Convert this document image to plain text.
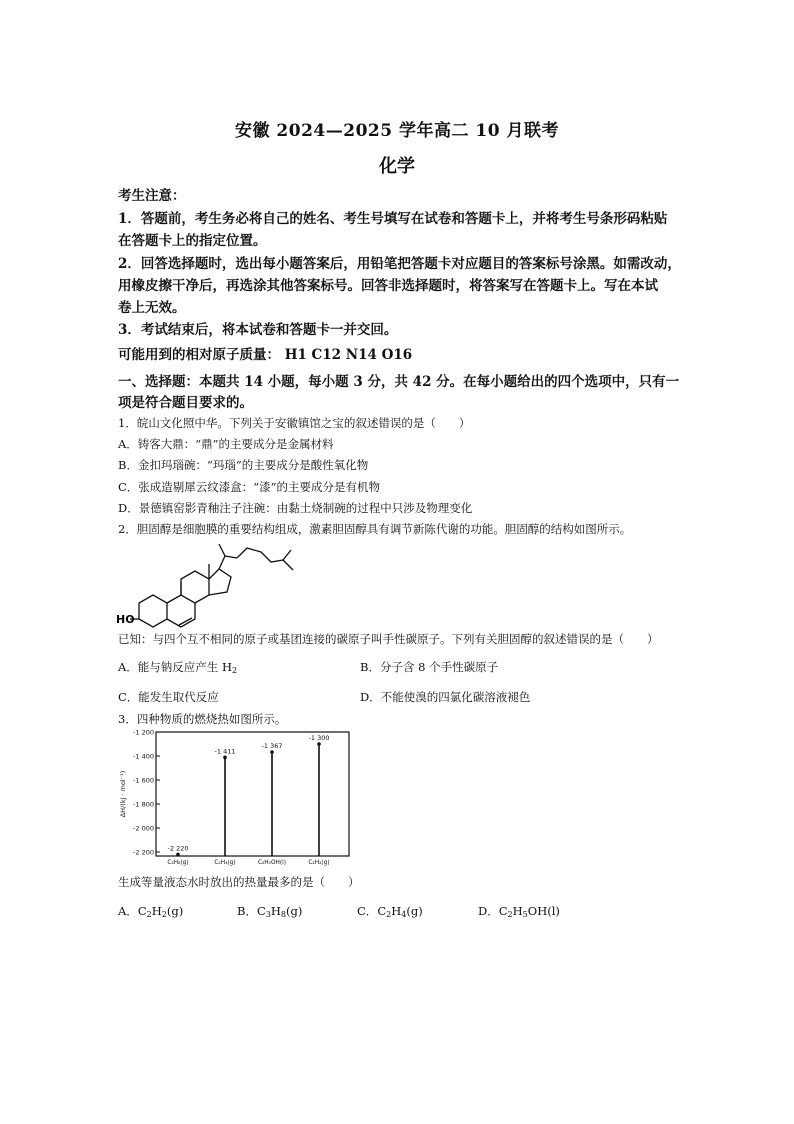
安徽 2024—2025 学年高二 10 月联考
化学
考生注意：
1．答题前，考生务必将自己的姓名、考生号填写在试卷和答题卡上，并将考生号条形码粘贴
在答题卡上的指定位置。
2．回答选择题时，选出每小题答案后，用铅笔把答题卡对应题目的答案标号涂黑。如需改动，
用橡皮擦干净后，再选涂其他答案标号。回答非选择题时，将答案写在答题卡上。写在本试
卷上无效。
3．考试结束后，将本试卷和答题卡一并交回。
可能用到的相对原子质量： H1 C12 N14 O16
一、选择题：本题共 14 小题，每小题 3 分，共 42 分。在每小题给出的四个选项中，只有一
项是符合题目要求的。
1．皖山文化照中华。下列关于安徽镇馆之宝的叙述错误的是（　　）
A．铸客大鼎：“鼎”的主要成分是金属材料
B．金扣玛瑙碗：“玛瑙”的主要成分是酸性氧化物
C．张成造剔犀云纹漆盒：“漆”的主要成分是有机物
D．景德镇窑影青釉注子注碗：由黏土烧制碗的过程中只涉及物理变化
2．胆固醇是细胞膜的重要结构组成，激素胆固醇具有调节新陈代谢的功能。胆固醇的结构如图所示。
HO
已知：与四个互不相同的原子或基团连接的碳原子叫手性碳原子。下列有关胆固醇的叙述错误的是（　　）
A．能与钠反应产生 $H_2$	B．分子含 8 个手性碳原子
C．能发生取代反应	D．不能使溴的四氯化碳溶液褪色
3．四种物质的燃烧热如图所示。
-1 200
-1 400
-1 600
-1 800
-2 000
-2 200
ΔH/(kJ · mol⁻¹)
C₃H₈(g)
-2 220
C₂H₄(g)
-1 411
C₂H₅OH(l)
-1 367
C₂H₂(g)
-1 300
生成等量液态水时放出的热量最多的是（　　）
A．$C_2H_2(g)$	B．$C_3H_8(g)$	C．$C_2H_4(g)$	D．$C_2H_5OH(l)$
